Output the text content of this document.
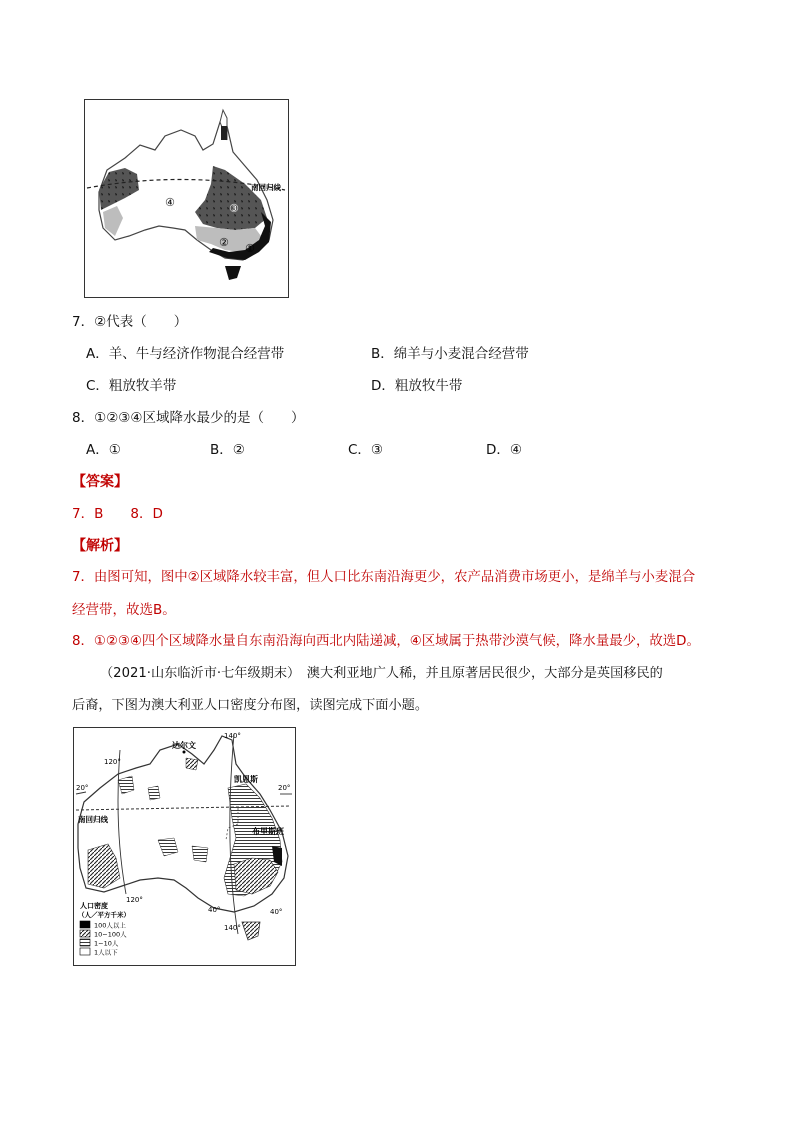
南回归线
④	③
② ①
7．②代表（　　）
A．羊、牛与经济作物混合经营带	B．绵羊与小麦混合经营带
C．粗放牧羊带	D．粗放牧牛带
8．①②③④区域降水最少的是（　　）
A．①	B．②	C．③	D．④
【答案】
7．B　　8．D
【解析】
7．由图可知，图中②区域降水较丰富，但人口比东南沿海更少，农产品消费市场更小，是绵羊与小麦混合
经营带，故选B。
8．①②③④四个区域降水量自东南沿海向西北内陆递减，④区域属于热带沙漠气候，降水量最少，故选D。
（2021·山东临沂市·七年级期末）　澳大利亚地广人稀，并且原著居民很少，大部分是英国移民的
后裔，下图为澳大利亚人口密度分布图，读图完成下面小题。
达尔文
凯恩斯
布里斯班
南回归线
120°
140°
120°
140°
20°	20°
40°	40°
人口密度
（人／平方千米）
100人以上
10~100人
1~10人
1人以下
